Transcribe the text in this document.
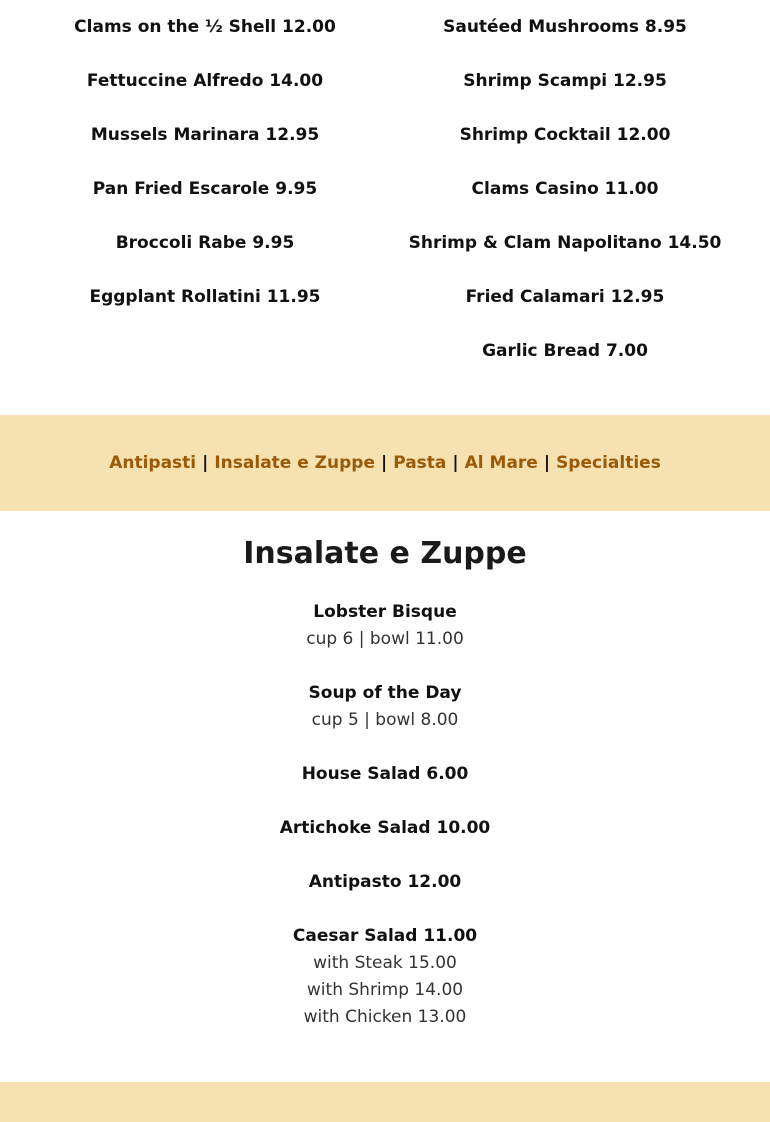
Clams on the ½ Shell 12.00
Fettuccine Alfredo 14.00
Mussels Marinara 12.95
Pan Fried Escarole 9.95
Broccoli Rabe 9.95
Eggplant Rollatini 11.95
Sautéed Mushrooms 8.95
Shrimp Scampi 12.95
Shrimp Cocktail 12.00
Clams Casino 11.00
Shrimp & Clam Napolitano 14.50
Fried Calamari 12.95
Garlic Bread 7.00
Antipasti | Insalate e Zuppe | Pasta | Al Mare | Specialties
Insalate e Zuppe
Lobster Bisque
cup 6 | bowl 11.00
Soup of the Day
cup 5 | bowl 8.00
House Salad 6.00
Artichoke Salad 10.00
Antipasto 12.00
Caesar Salad 11.00
with Steak 15.00
with Shrimp 14.00
with Chicken 13.00
